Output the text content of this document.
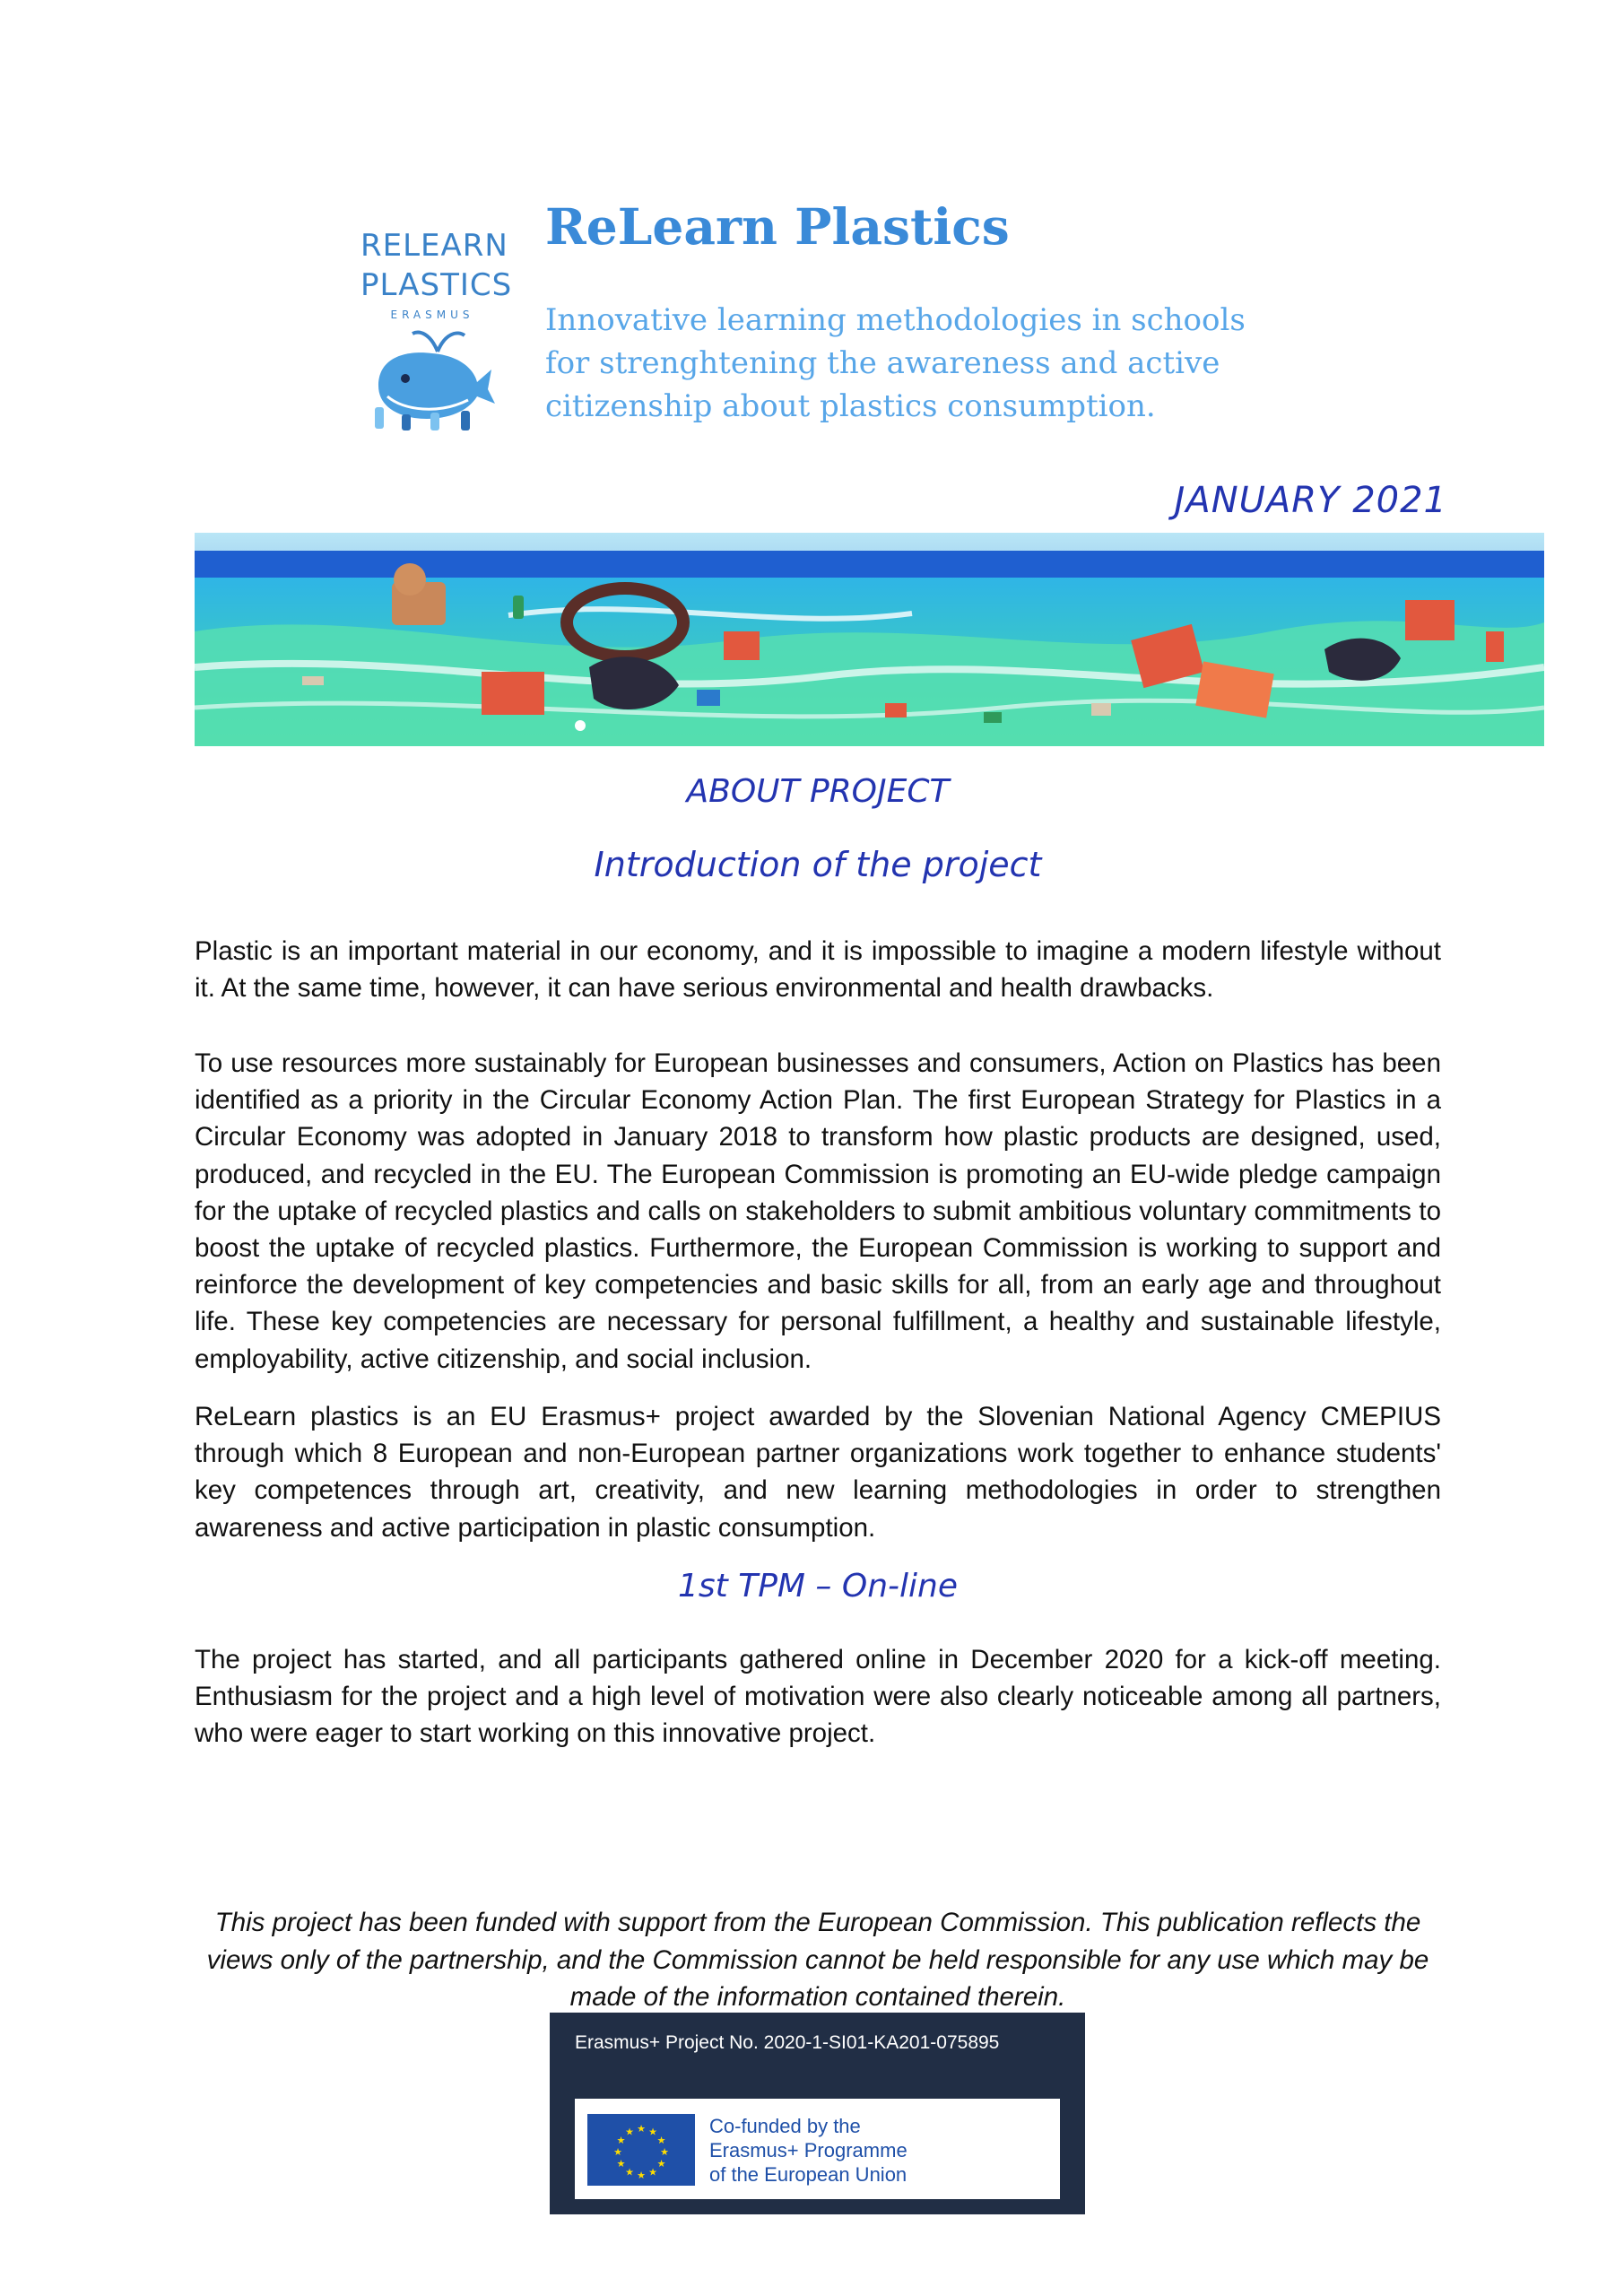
RELEARN
PLASTICS
ERASMUS
ReLearn Plastics
Innovative learning methodologies in schools
for strenghtening the awareness and active
citizenship about plastics consumption.
JANUARY 2021
ABOUT PROJECT
Introduction of the project

Plastic is an important material in our economy, and it is impossible to imagine a modern lifestyle without it. At the same time, however, it can have serious environmental and health drawbacks.

To use resources more sustainably for European businesses and consumers, Action on Plastics has been identified as a priority in the Circular Economy Action Plan. The first European Strategy for Plastics in a Circular Economy was adopted in January 2018 to transform how plastic products are designed, used, produced, and recycled in the EU. The European Commission is promoting an EU-wide pledge campaign for the uptake of recycled plastics and calls on stakeholders to submit ambitious voluntary commitments to boost the uptake of recycled plastics. Furthermore, the European Commission is working to support and reinforce the development of key competencies and basic skills for all, from an early age and throughout life. These key competencies are necessary for personal fulfillment, a healthy and sustainable lifestyle, employability, active citizenship, and social inclusion.

ReLearn plastics is an EU Erasmus+ project awarded by the Slovenian National Agency CMEPIUS through which 8 European and non-European partner organizations work together to enhance students' key competences through art, creativity, and new learning methodologies in order to strengthen awareness and active participation in plastic consumption.

1st TPM – On-line

The project has started, and all participants gathered online in December 2020 for a kick-off meeting. Enthusiasm for the project and a high level of motivation were also clearly noticeable among all partners, who were eager to start working on this innovative project.

This project has been funded with support from the European Commission. This publication reflects the views only of the partnership, and the Commission cannot be held responsible for any use which may be made of the information contained therein.

Erasmus+ Project No. 2020-1-SI01-KA201-075895
★ ★
★
★
★
★
★
★
★
★
★
★	Co-funded by the
Erasmus+ Programme
of the European Union
